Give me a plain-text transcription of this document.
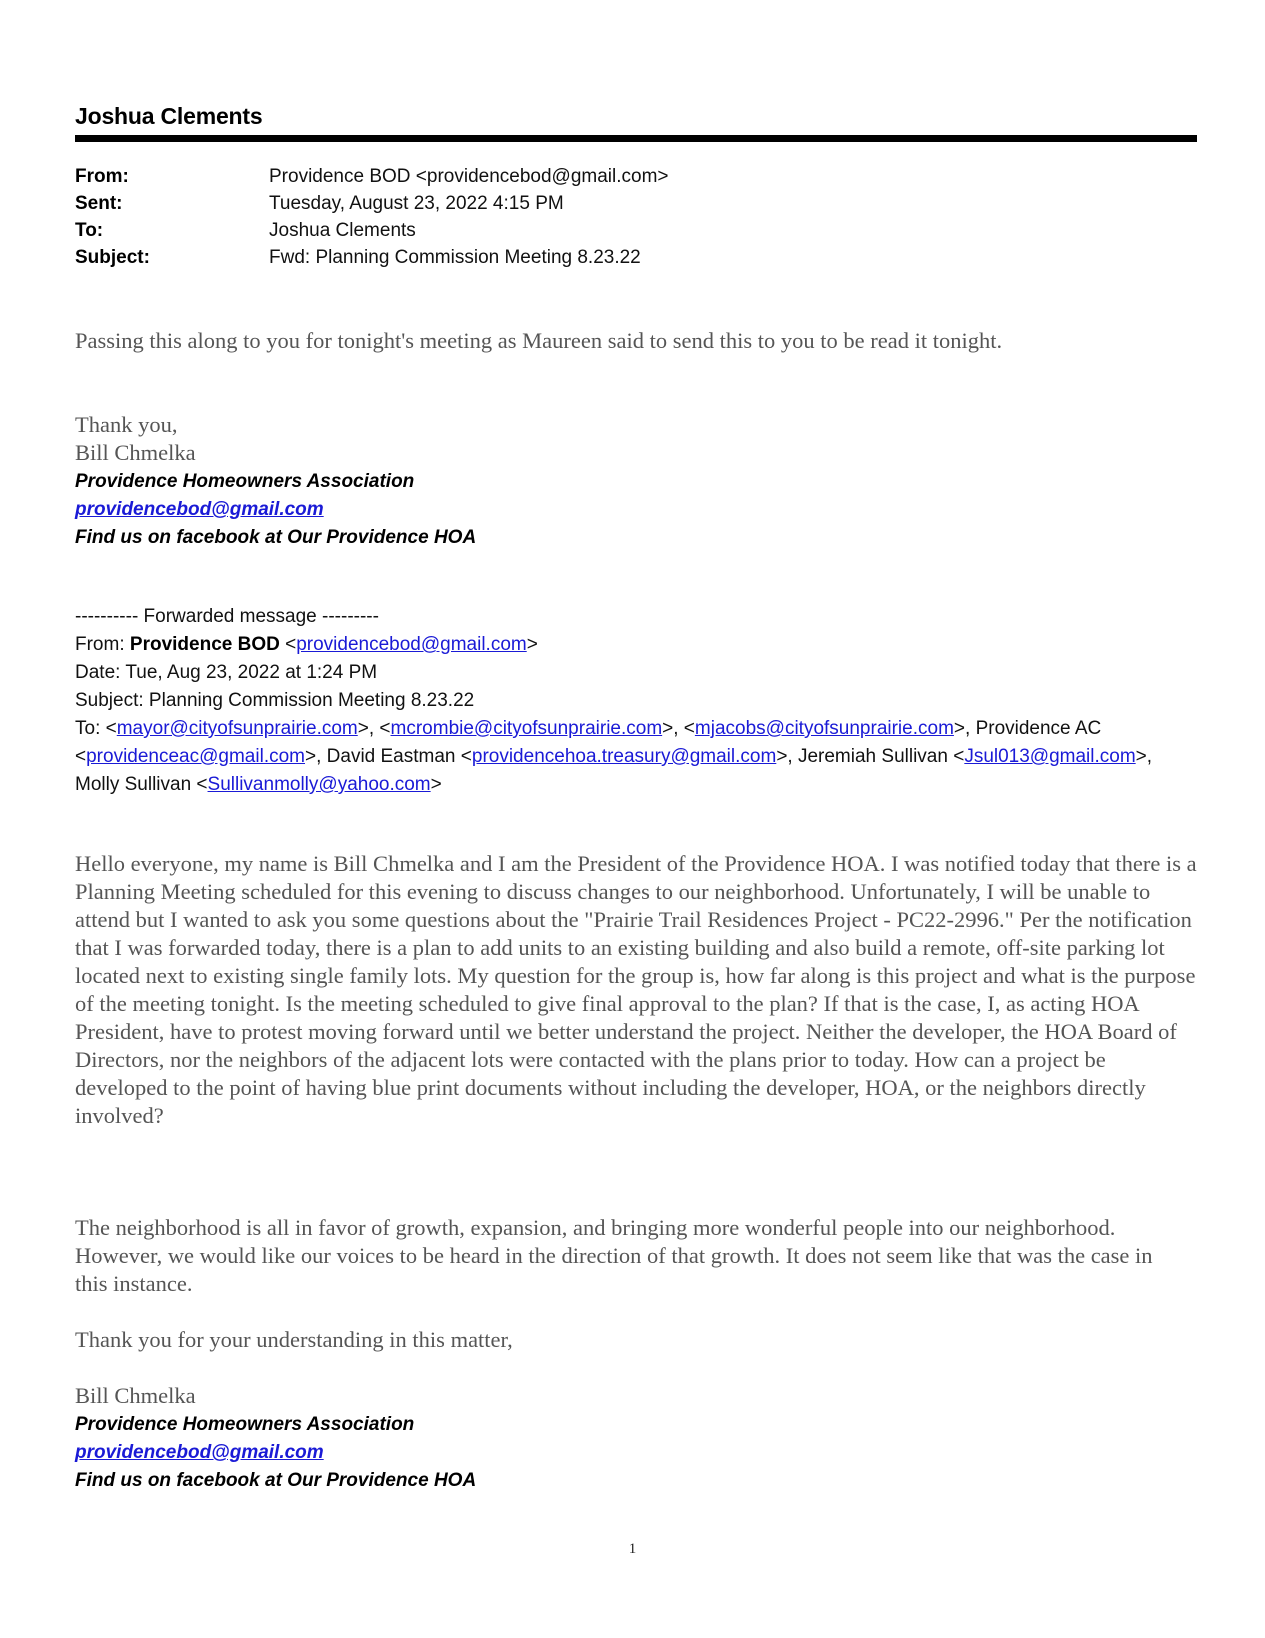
Joshua Clements
From:	Providence BOD <providencebod@gmail.com>
Sent:	Tuesday, August 23, 2022 4:15 PM
To:	Joshua Clements
Subject:	Fwd: Planning Commission Meeting 8.23.22
Passing this along to you for tonight's meeting as Maureen said to send this to you to be read it tonight.
Thank you,
Bill Chmelka
Providence Homeowners Association
providencebod@gmail.com
Find us on facebook at Our Providence HOA
---------- Forwarded message ---------
From: Providence BOD <providencebod@gmail.com>
Date: Tue, Aug 23, 2022 at 1:24 PM
Subject: Planning Commission Meeting 8.23.22
To: <mayor@cityofsunprairie.com>, <mcrombie@cityofsunprairie.com>, <mjacobs@cityofsunprairie.com>, Providence AC <providenceac@gmail.com>, David Eastman <providencehoa.treasury@gmail.com>, Jeremiah Sullivan <Jsul013@gmail.com>, Molly Sullivan <Sullivanmolly@yahoo.com>
Hello everyone, my name is Bill Chmelka and I am the President of the Providence HOA. I was notified today that there is a Planning Meeting scheduled for this evening to discuss changes to our neighborhood. Unfortunately, I will be unable to attend but I wanted to ask you some questions about the "Prairie Trail Residences Project - PC22-2996." Per the notification that I was forwarded today, there is a plan to add units to an existing building and also build a remote, off-site parking lot located next to existing single family lots. My question for the group is, how far along is this project and what is the purpose of the meeting tonight. Is the meeting scheduled to give final approval to the plan? If that is the case, I, as acting HOA President, have to protest moving forward until we better understand the project. Neither the developer, the HOA Board of Directors, nor the neighbors of the adjacent lots were contacted with the plans prior to today. How can a project be developed to the point of having blue print documents without including the developer, HOA, or the neighbors directly involved?
The neighborhood is all in favor of growth, expansion, and bringing more wonderful people into our neighborhood. However, we would like our voices to be heard in the direction of that growth. It does not seem like that was the case in this instance.
Thank you for your understanding in this matter,
Bill Chmelka
Providence Homeowners Association
providencebod@gmail.com
Find us on facebook at Our Providence HOA
1
